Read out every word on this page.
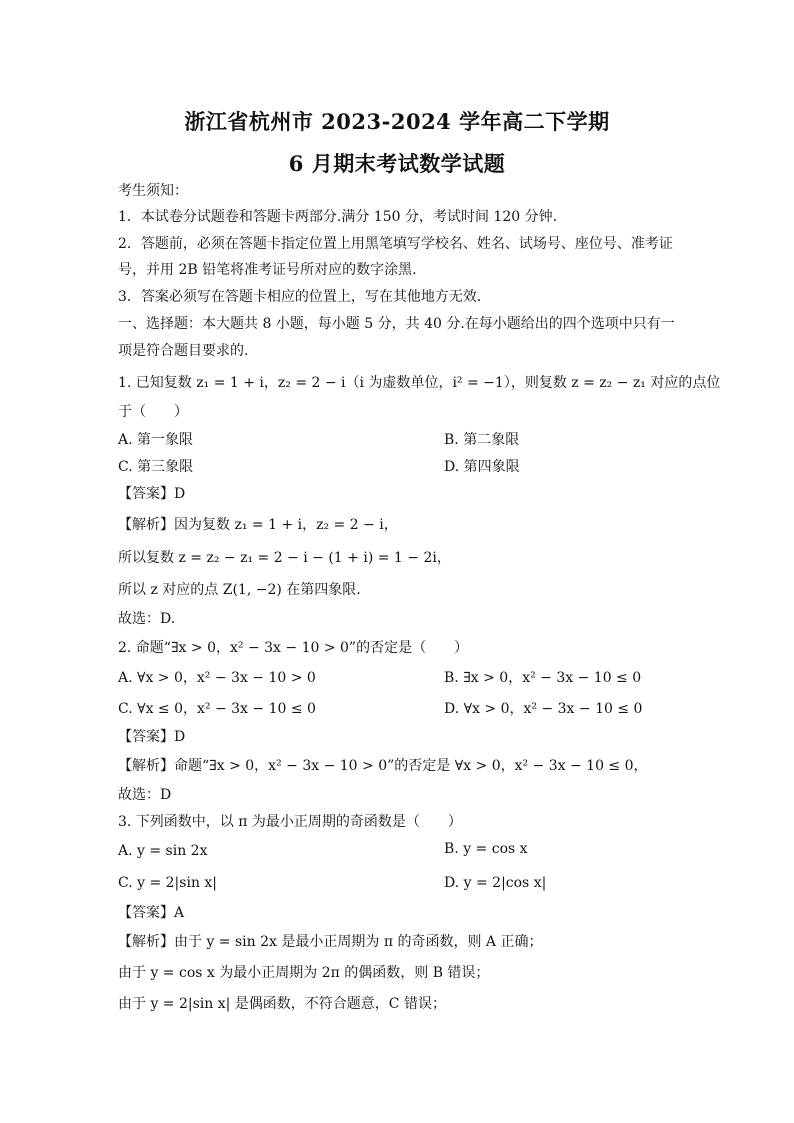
浙江省杭州市 2023-2024 学年高二下学期
6 月期末考试数学试题
考生须知：
1．本试卷分试题卷和答题卡两部分.满分 150 分，考试时间 120 分钟.
2．答题前，必须在答题卡指定位置上用黑笔填写学校名、姓名、试场号、座位号、准考证
号，并用 2B 铅笔将准考证号所对应的数字涂黑.
3．答案必须写在答题卡相应的位置上，写在其他地方无效.
一、选择题：本大题共 8 小题，每小题 5 分，共 40 分.在每小题给出的四个选项中只有一
项是符合题目要求的.
1. 已知复数 z₁ = 1 + i，z₂ = 2 − i（i 为虚数单位，i² = −1），则复数 z = z₂ − z₁ 对应的点位
于（　　）
A. 第一象限	B. 第二象限
C. 第三象限	D. 第四象限
【答案】D
【解析】因为复数 z₁ = 1 + i，z₂ = 2 − i，
所以复数 z = z₂ − z₁ = 2 − i − (1 + i) = 1 − 2i，
所以 z 对应的点 Z(1, −2) 在第四象限.
故选：D.
2. 命题“∃x > 0，x² − 3x − 10 > 0”的否定是（　　）
A. ∀x > 0，x² − 3x − 10 > 0	B. ∃x > 0，x² − 3x − 10 ≤ 0
C. ∀x ≤ 0，x² − 3x − 10 ≤ 0	D. ∀x > 0，x² − 3x − 10 ≤ 0
【答案】D
【解析】命题“∃x > 0，x² − 3x − 10 > 0”的否定是 ∀x > 0，x² − 3x − 10 ≤ 0，
故选：D
3. 下列函数中，以 π 为最小正周期的奇函数是（　　）
A. y = sin 2x	B. y = cos x
C. y = 2|sin x|	D. y = 2|cos x|
【答案】A
【解析】由于 y = sin 2x 是最小正周期为 π 的奇函数，则 A 正确；
由于 y = cos x 为最小正周期为 2π 的偶函数，则 B 错误；
由于 y = 2|sin x| 是偶函数，不符合题意，C 错误；
